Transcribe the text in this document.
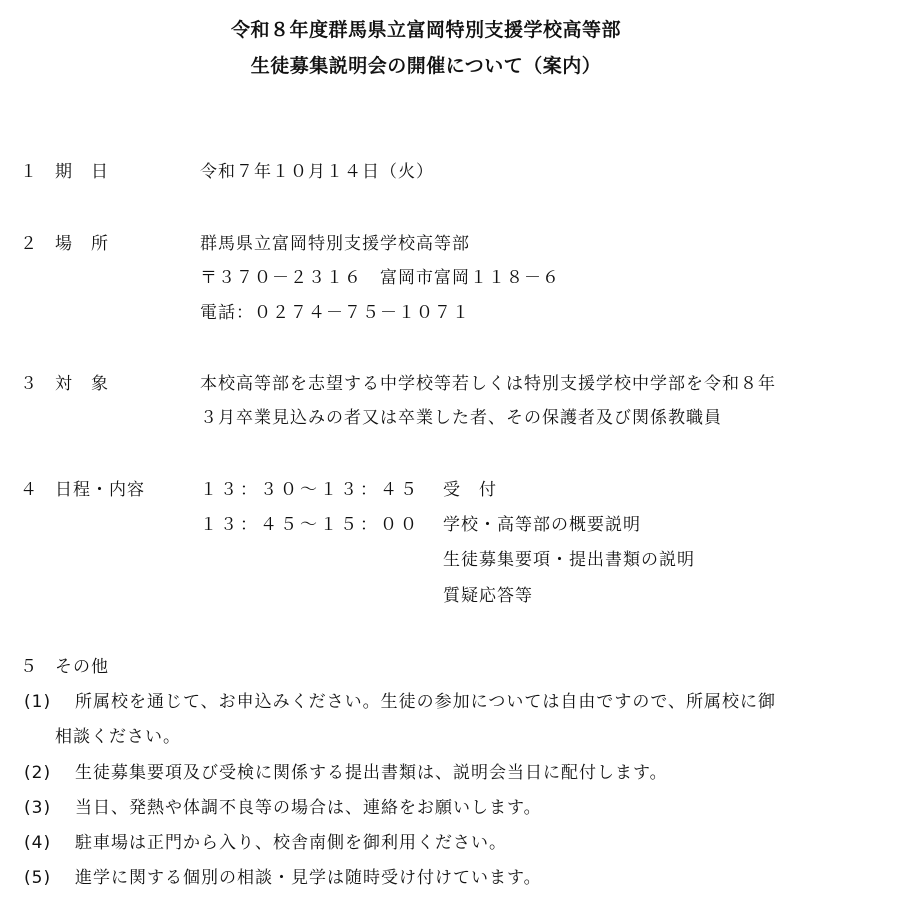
令和８年度群馬県立富岡特別支援学校高等部
生徒募集説明会の開催について（案内）
１ 期　日	令和７年１０月１４日（火）
２ 場　所	群馬県立富岡特別支援学校高等部
〒３７０－２３１６　富岡市富岡１１８－６
電話：０２７４－７５－１０７１
３ 対　象	本校高等部を志望する中学校等若しくは特別支援学校中学部を令和８年
３月卒業見込みの者又は卒業した者、その保護者及び関係教職員
４ 日程・内容	１３：３０～１３：４５ 受　付
１３：４５～１５：００ 学校・高等部の概要説明
生徒募集要項・提出書類の説明
質疑応答等
５ その他
(1) 所属校を通じて、お申込みください。生徒の参加については自由ですので、所属校に御
相談ください。
(2) 生徒募集要項及び受検に関係する提出書類は、説明会当日に配付します。
(3) 当日、発熱や体調不良等の場合は、連絡をお願いします。
(4) 駐車場は正門から入り、校舎南側を御利用ください。
(5) 進学に関する個別の相談・見学は随時受け付けています。
